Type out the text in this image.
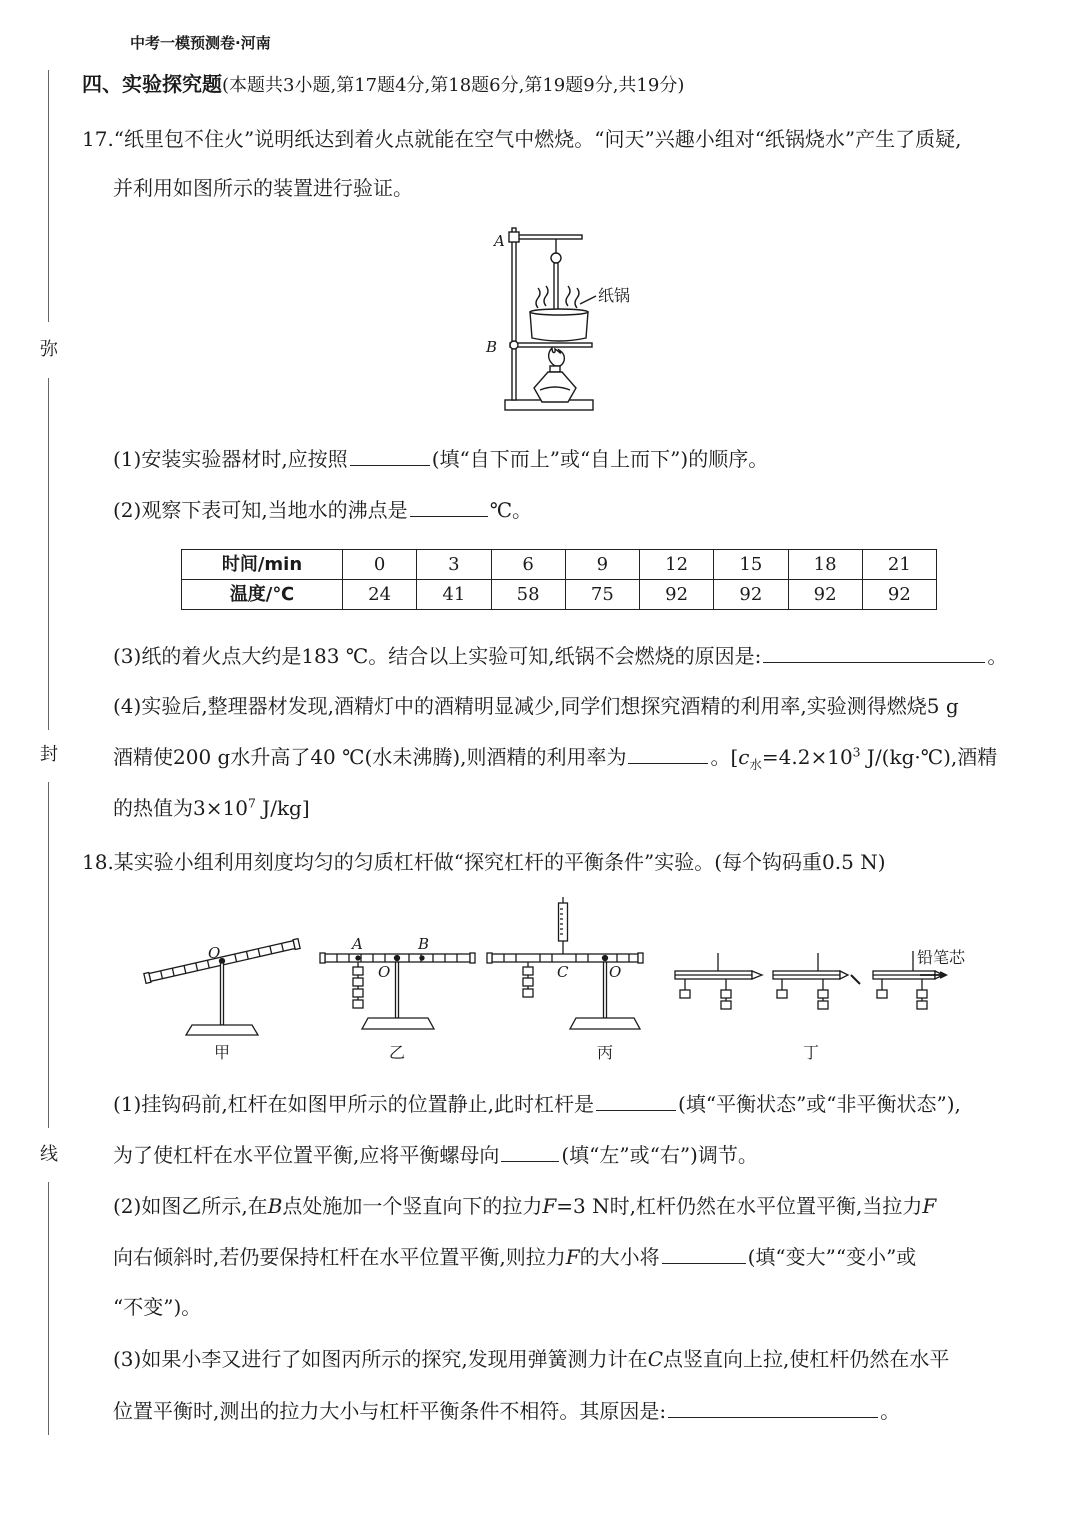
中考一模预测卷·河南
弥
封
线
四、实验探究题(本题共3小题,第17题4分,第18题6分,第19题9分,共19分)
17.“纸里包不住火”说明纸达到着火点就能在空气中燃烧。“问天”兴趣小组对“纸锅烧水”产生了质疑,
并利用如图所示的装置进行验证。
A
B
纸锅
(1)安装实验器材时,应按照	(填“自下而上”或“自上而下”)的顺序。
(2)观察下表可知,当地水的沸点是	℃。
时间/min	0	3	6	9	12	15	18	21
温度/℃	24	41	58	75	92	92	92	92
(3)纸的着火点大约是183 ℃。结合以上实验可知,纸锅不会燃烧的原因是:	。
(4)实验后,整理器材发现,酒精灯中的酒精明显减少,同学们想探究酒精的利用率,实验测得燃烧5 g
酒精使200 g水升高了40 ℃(水未沸腾),则酒精的利用率为	。[$c_水=4.2\times 10^3$ J/(kg·℃),酒精
的热值为$3\times 10^7$ J/kg]
18.某实验小组利用刻度均匀的匀质杠杆做“探究杠杆的平衡条件”实验。(每个钩码重0.5 N)
O	A	B
O	C	O
铅笔芯
甲	乙	丙	丁
(1)挂钩码前,杠杆在如图甲所示的位置静止,此时杠杆是	(填“平衡状态”或“非平衡状态”),
为了使杠杆在水平位置平衡,应将平衡螺母向	(填“左”或“右”)调节。
(2)如图乙所示,在B点处施加一个竖直向下的拉力F=3 N时,杠杆仍然在水平位置平衡,当拉力F
向右倾斜时,若仍要保持杠杆在水平位置平衡,则拉力F的大小将	(填“变大”“变小”或
“不变”)。
(3)如果小李又进行了如图丙所示的探究,发现用弹簧测力计在C点竖直向上拉,使杠杆仍然在水平
位置平衡时,测出的拉力大小与杠杆平衡条件不相符。其原因是:	。
